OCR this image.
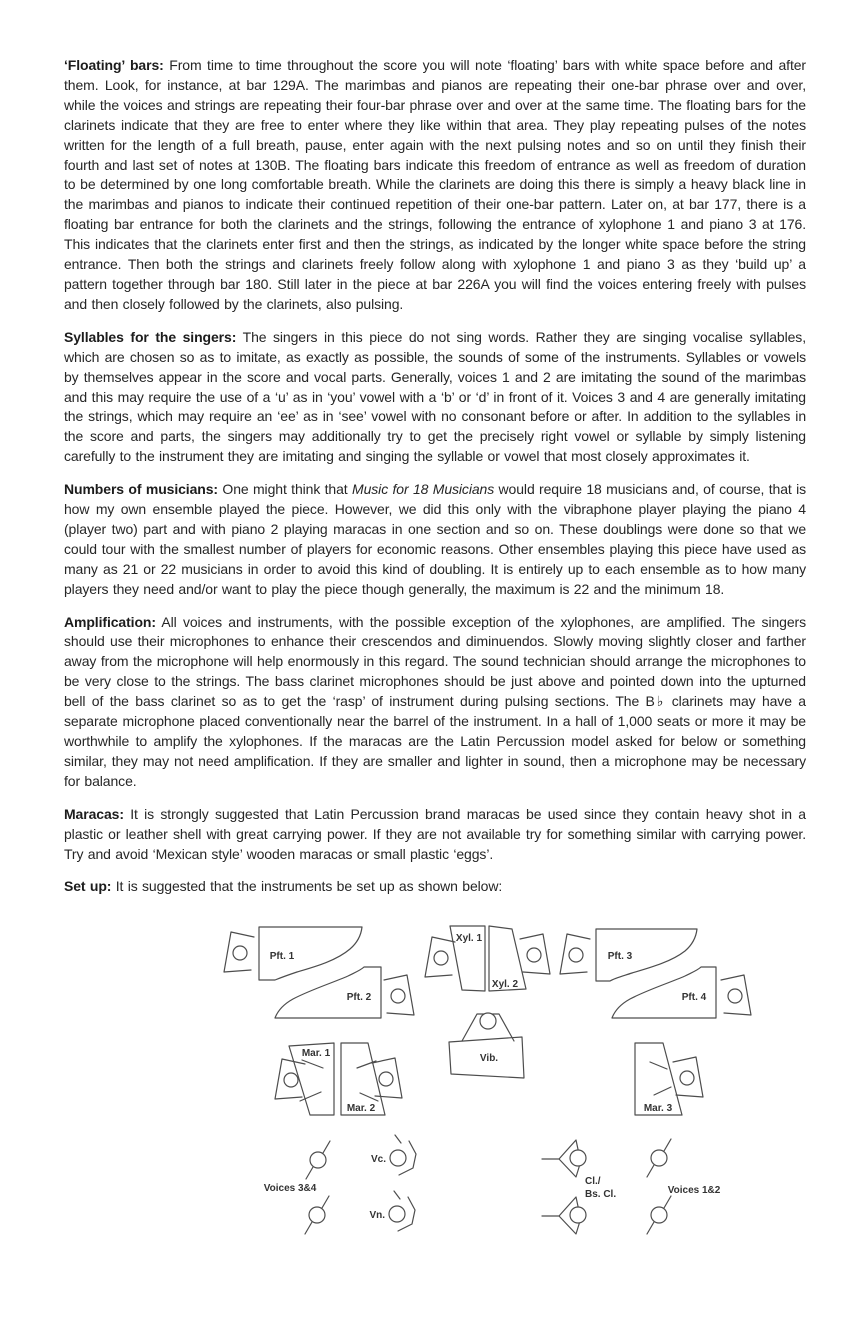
‘Floating’ bars: From time to time throughout the score you will note ‘floating’ bars with white space before and after them. Look, for instance, at bar 129A. The marimbas and pianos are repeating their one-bar phrase over and over, while the voices and strings are repeating their four-bar phrase over and over at the same time. The floating bars for the clarinets indicate that they are free to enter where they like within that area. They play repeating pulses of the notes written for the length of a full breath, pause, enter again with the next pulsing notes and so on until they finish their fourth and last set of notes at 130B. The floating bars indicate this freedom of entrance as well as freedom of duration to be determined by one long comfortable breath. While the clarinets are doing this there is simply a heavy black line in the marimbas and pianos to indicate their continued repetition of their one-bar pattern. Later on, at bar 177, there is a floating bar entrance for both the clarinets and the strings, following the entrance of xylophone 1 and piano 3 at 176. This indicates that the clarinets enter first and then the strings, as indicated by the longer white space before the string entrance. Then both the strings and clarinets freely follow along with xylophone 1 and piano 3 as they ‘build up’ a pattern together through bar 180. Still later in the piece at bar 226A you will find the voices entering freely with pulses and then closely followed by the clarinets, also pulsing.

Syllables for the singers: The singers in this piece do not sing words. Rather they are singing vocalise syllables, which are chosen so as to imitate, as exactly as possible, the sounds of some of the instruments. Syllables or vowels by themselves appear in the score and vocal parts. Generally, voices 1 and 2 are imitating the sound of the marimbas and this may require the use of a ‘u’ as in ‘you’ vowel with a ‘b’ or ‘d’ in front of it. Voices 3 and 4 are generally imitating the strings, which may require an ‘ee’ as in ‘see’ vowel with no consonant before or after. In addition to the syllables in the score and parts, the singers may additionally try to get the precisely right vowel or syllable by simply listening carefully to the instrument they are imitating and singing the syllable or vowel that most closely approximates it.

Numbers of musicians: One might think that Music for 18 Musicians would require 18 musicians and, of course, that is how my own ensemble played the piece. However, we did this only with the vibraphone player playing the piano 4 (player two) part and with piano 2 playing maracas in one section and so on. These doublings were done so that we could tour with the smallest number of players for economic reasons. Other ensembles playing this piece have used as many as 21 or 22 musicians in order to avoid this kind of doubling. It is entirely up to each ensemble as to how many players they need and/or want to play the piece though generally, the maximum is 22 and the minimum 18.

Amplification: All voices and instruments, with the possible exception of the xylophones, are amplified. The singers should use their microphones to enhance their crescendos and diminuendos. Slowly moving slightly closer and farther away from the microphone will help enormously in this regard. The sound technician should arrange the microphones to be very close to the strings. The bass clarinet microphones should be just above and pointed down into the upturned bell of the bass clarinet so as to get the ‘rasp’ of instrument during pulsing sections. The B♭ clarinets may have a separate microphone placed conventionally near the barrel of the instrument. In a hall of 1,000 seats or more it may be worthwhile to amplify the xylophones. If the maracas are the Latin Percussion model asked for below or something similar, they may not need amplification. If they are smaller and lighter in sound, then a microphone may be necessary for balance.

Maracas: It is strongly suggested that Latin Percussion brand maracas be used since they contain heavy shot in a plastic or leather shell with great carrying power. If they are not available try for something similar with carrying power. Try and avoid ‘Mexican style’ wooden maracas or small plastic ‘eggs’.

Set up: It is suggested that the instruments be set up as shown below:

Pft. 1
Pft. 2
Xyl. 1
Xyl. 2
Pft. 3
Pft. 4
Mar. 1
Mar. 2
Vib.
Mar. 3
Voices 3&4
Vc.
Vn.
Cl./
Bs. Cl.	Voices 1&2
